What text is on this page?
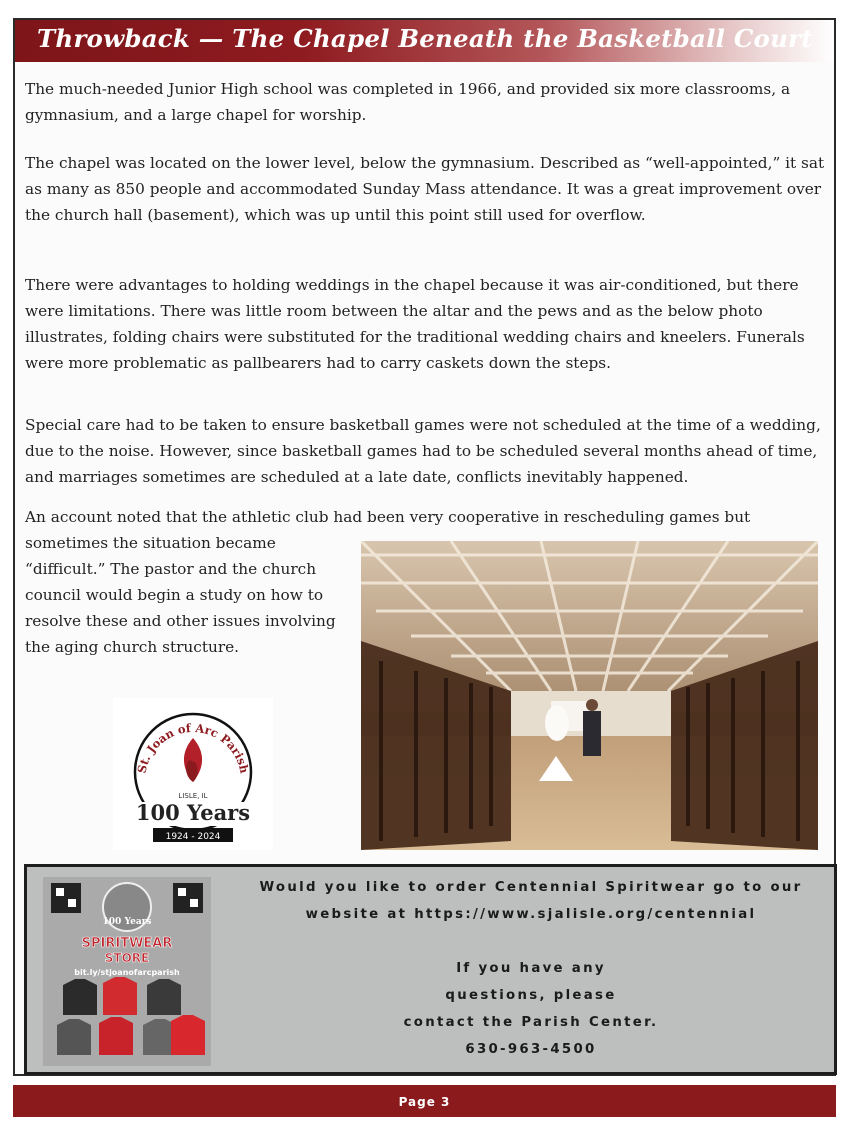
Throwback — The Chapel Beneath the Basketball Court

The much-needed Junior High school was completed in 1966, and provided six more classrooms, a gymnasium, and a large chapel for worship.

The chapel was located on the lower level, below the gymnasium. Described as “well-appointed,” it sat as many as 850 people and accommodated Sunday Mass attendance. It was a great improvement over the church hall (basement), which was up until this point still used for overflow.

There were advantages to holding weddings in the chapel because it was air-conditioned, but there were limitations. There was little room between the altar and the pews and as the below photo illustrates, folding chairs were substituted for the traditional wedding chairs and kneelers. Funerals were more problematic as pallbearers had to carry caskets down the steps.

Special care had to be taken to ensure basketball games were not scheduled at the time of a wedding, due to the noise. However, since basketball games had to be scheduled several months ahead of time, and marriages sometimes are scheduled at a late date, conflicts inevitably happened.

An account noted that the athletic club had been very cooperative in rescheduling games but

sometimes the situation became “difficult.” The pastor and the church council would begin a study on how to resolve these and other issues involving the aging church structure.

St. Joan of Arc Parish
LISLE, IL
100 Years
1924 - 2024
100 Years
SPIRITWEAR
STORE
bit.ly/stjoanofarcparish
Would you like to order Centennial Spiritwear go to our
website at https://www.sjalisle.org/centennial
If you have any
questions, please
contact the Parish Center.
630-963-4500
Page 3
